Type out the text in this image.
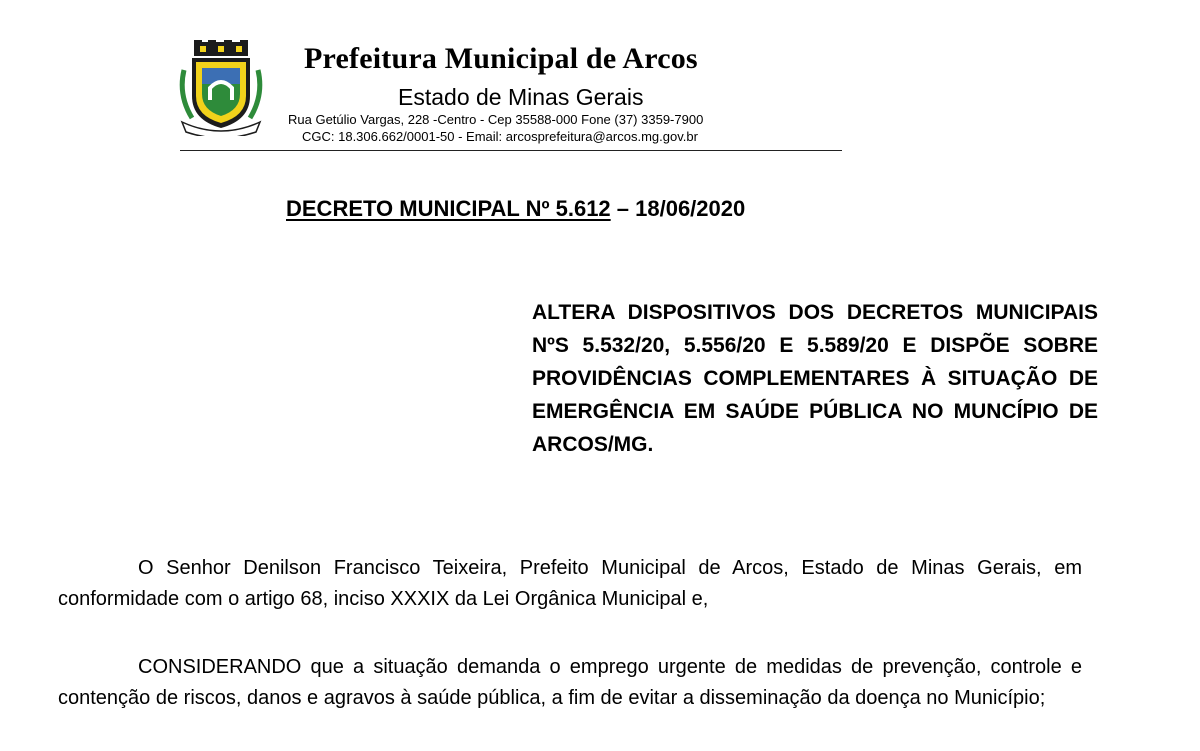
Prefeitura Municipal de Arcos
Estado de Minas Gerais
Rua Getúlio Vargas, 228 -Centro - Cep 35588-000 Fone (37) 3359-7900
CGC: 18.306.662/0001-50 - Email: arcosprefeitura@arcos.mg.gov.br
DECRETO MUNICIPAL Nº 5.612 – 18/06/2020

ALTERA DISPOSITIVOS DOS DECRETOS MUNICIPAIS NºS 5.532/20, 5.556/20 E 5.589/20 E DISPÕE SOBRE PROVIDÊNCIAS COMPLEMENTARES À SITUAÇÃO DE EMERGÊNCIA EM SAÚDE PÚBLICA NO MUNCÍPIO DE ARCOS/MG.

O Senhor Denilson Francisco Teixeira, Prefeito Municipal de Arcos, Estado de Minas Gerais, em conformidade com o artigo 68, inciso XXXIX da Lei Orgânica Municipal e,

CONSIDERANDO que a situação demanda o emprego urgente de medidas de prevenção, controle e contenção de riscos, danos e agravos à saúde pública, a fim de evitar a disseminação da doença no Município;
